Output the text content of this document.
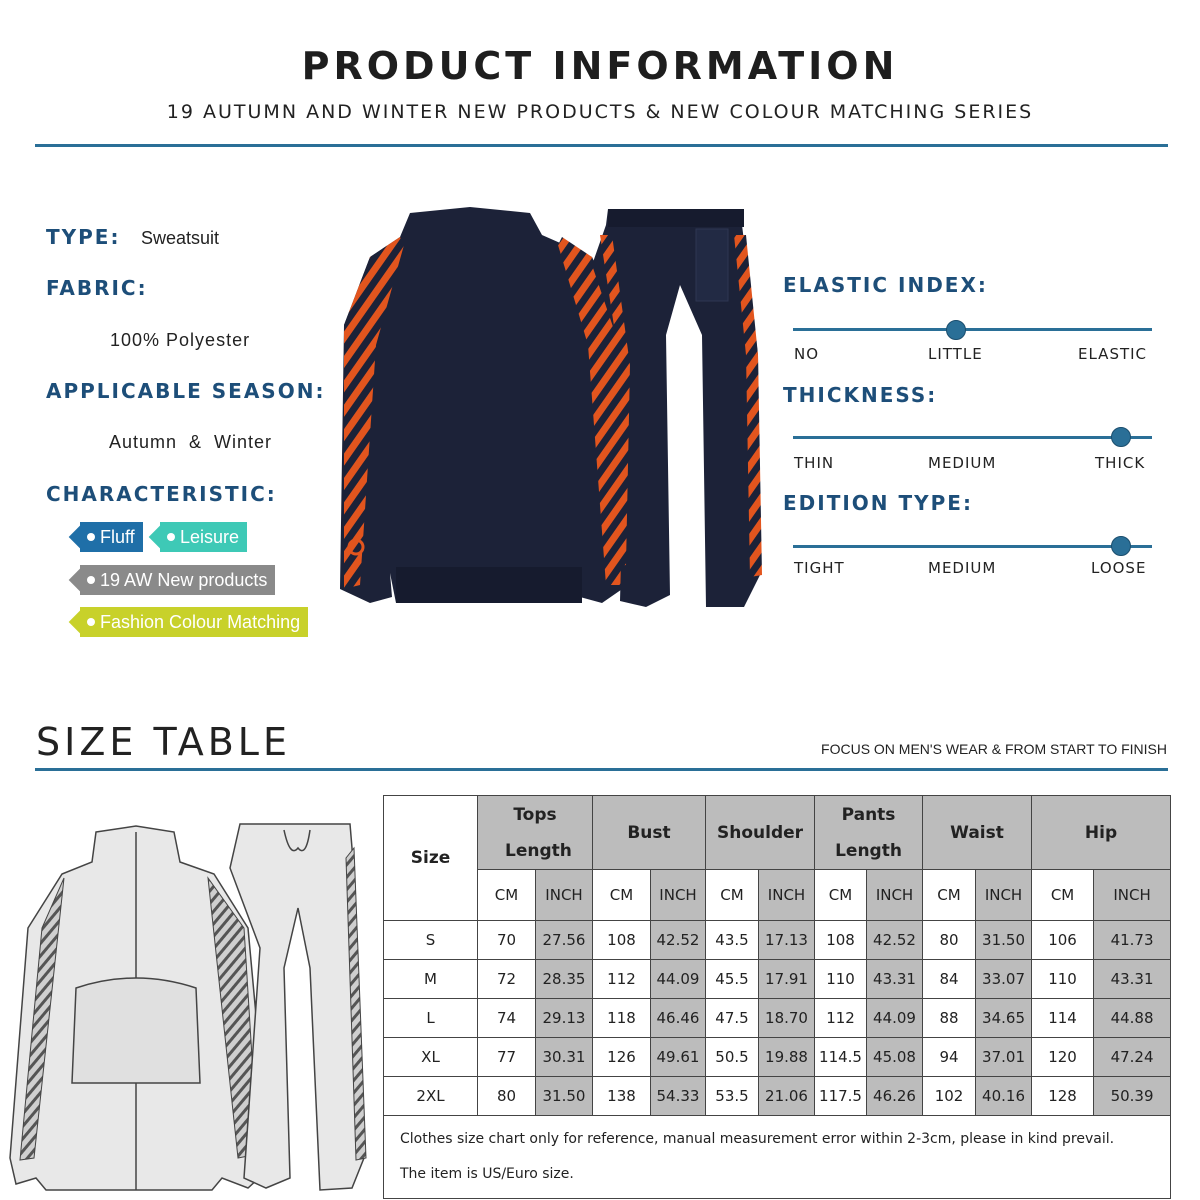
PRODUCT INFORMATION
19 AUTUMN AND WINTER NEW PRODUCTS & NEW COLOUR MATCHING SERIES
TYPE: Sweatsuit
FABRIC:
100% Polyester
APPLICABLE SEASON:
Autumn  &  Winter
CHARACTERISTIC:
Fluff	Leisure
19 AW New products
Fashion Colour Matching
ELASTIC INDEX:
NO	LITTLE	ELASTIC
THICKNESS:
THIN	MEDIUM	THICK
EDITION TYPE:
TIGHT	MEDIUM	LOOSE
SIZE TABLE	FOCUS ON MEN'S WEAR & FROM START TO FINISH
Size	Tops Length		Bust		Shoulder		Pants Length		Waist		Hip	
	CM	INCH	CM	INCH	CM	INCH	CM	INCH	CM	INCH	CM	INCH
S	70	27.56	108	42.52	43.5	17.13	108	42.52	80	31.50	106	41.73
M	72	28.35	112	44.09	45.5	17.91	110	43.31	84	33.07	110	43.31
L	74	29.13	118	46.46	47.5	18.70	112	44.09	88	34.65	114	44.88
XL	77	30.31	126	49.61	50.5	19.88	114.5	45.08	94	37.01	120	47.24
2XL	80	31.50	138	54.33	53.5	21.06	117.5	46.26	102	40.16	128	50.39

Clothes size chart only for reference, manual measurement error within 2-3cm, please in kind prevail.
The item is US/Euro size.												
